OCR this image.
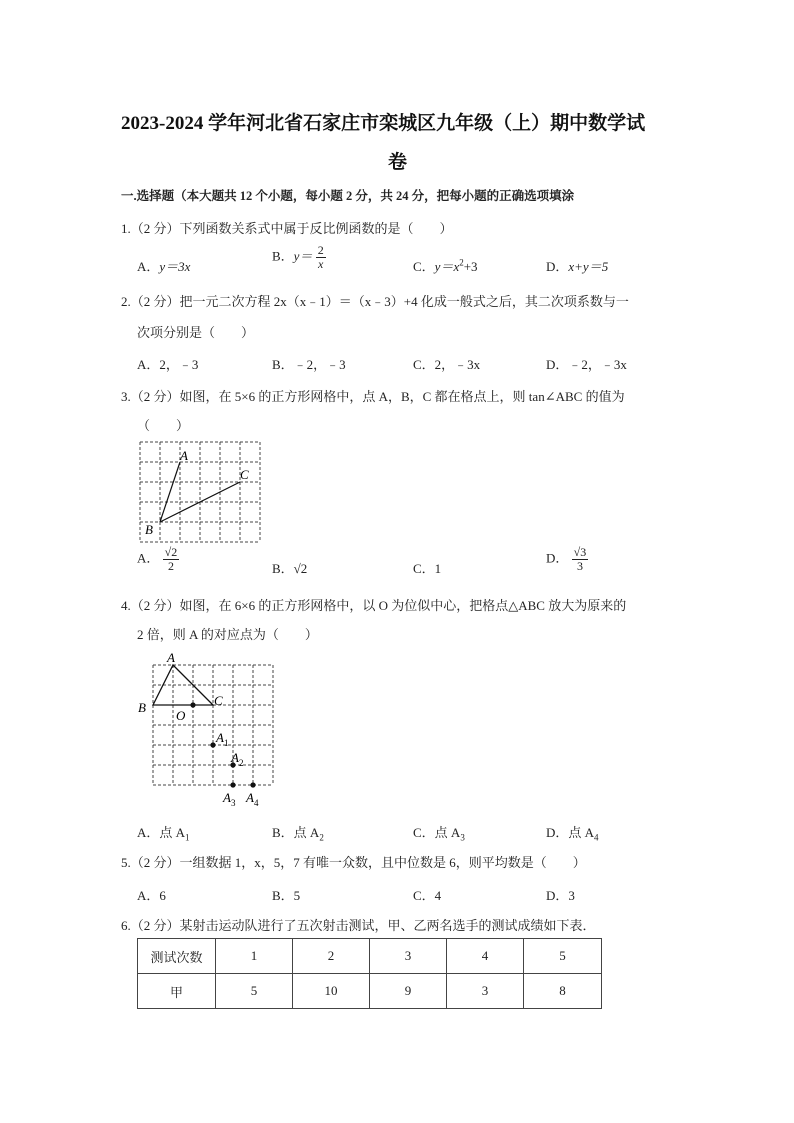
2023-2024 学年河北省石家庄市栾城区九年级（上）期中数学试
卷
一.选择题（本大题共 12 个小题，每小题 2 分，共 24 分，把每小题的正确选项填涂
1.（2 分）下列函数关系式中属于反比例函数的是（　　）
A．y＝3x
B．$y= \frac{2}{x}$	C．$y=x^2+3$	D．x+y＝5
2.（2 分）把一元二次方程 2x（x﹣1）＝（x﹣3）+4 化成一般式之后，其二次项系数与一
次项分别是（　　）
A．2，﹣3	B．﹣2，﹣3	C．2，﹣3x	D．﹣2，﹣3x
3.（2 分）如图，在 5×6 的正方形网格中，点 A，B，C 都在格点上，则 tan∠ABC 的值为
（　　）
A
C
B
A． $\frac{√2}{2}$	B．√2	C．1
D． $\frac{√3}{3}$
4.（2 分）如图，在 6×6 的正方形网格中，以 O 为位似中心，把格点△ABC 放大为原来的
2 倍，则 A 的对应点为（　　）
A
B	C
O
$A_1$
$A_2$
$A_3$ $A_4$
A．点 $A_1$	B．点 $A_2$	C．点 $A_3$	D．点 $A_4$
5.（2 分）一组数据 1，x，5，7 有唯一众数，且中位数是 6，则平均数是（　　）
A．6	B．5	C．4	D．3
6.（2 分）某射击运动队进行了五次射击测试，甲、乙两名选手的测试成绩如下表．
测试次数	1	2	3	4	5
甲	5	10	9	3	8
